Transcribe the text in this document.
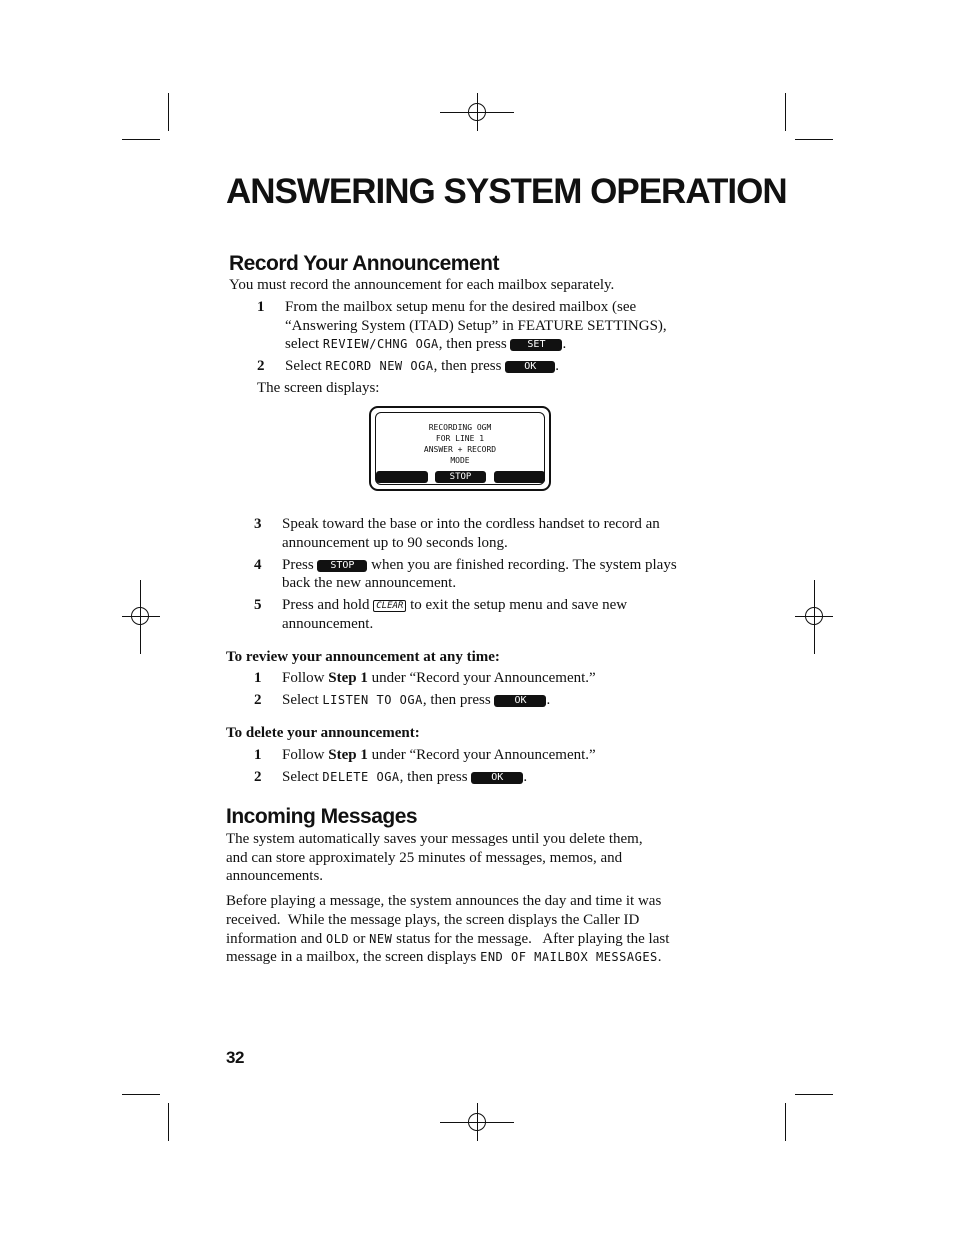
ANSWERING SYSTEM OPERATION
Record Your Announcement
You must record the announcement for each mailbox separately.
1 From the mailbox setup menu for the desired mailbox (see
“Answering System (ITAD) Setup” in FEATURE SETTINGS),
select REVIEW/CHNG OGA, then press SET .
2 Select RECORD NEW OGA, then press OK .
The screen displays:
RECORDING OGM
FOR LINE 1
ANSWER + RECORD
MODE
STOP
3 Speak toward the base or into the cordless handset to record an
announcement up to 90 seconds long.
4 Press STOP when you are finished recording. The system plays
back the new announcement.
5 Press and hold CLEAR to exit the setup menu and save new
announcement.
To review your announcement at any time:
1 Follow Step 1 under “Record your Announcement.”
2 Select LISTEN TO OGA, then press OK .
To delete your announcement:
1 Follow Step 1 under “Record your Announcement.”
2 Select DELETE OGA, then press OK .
Incoming Messages
The system automatically saves your messages until you delete them,
and can store approximately 25 minutes of messages, memos, and
announcements.
Before playing a message, the system announces the day and time it was
received.  While the message plays, the screen displays the Caller ID
information and OLD or NEW status for the message.   After playing the last
message in a mailbox, the screen displays END OF MAILBOX MESSAGES.
32
